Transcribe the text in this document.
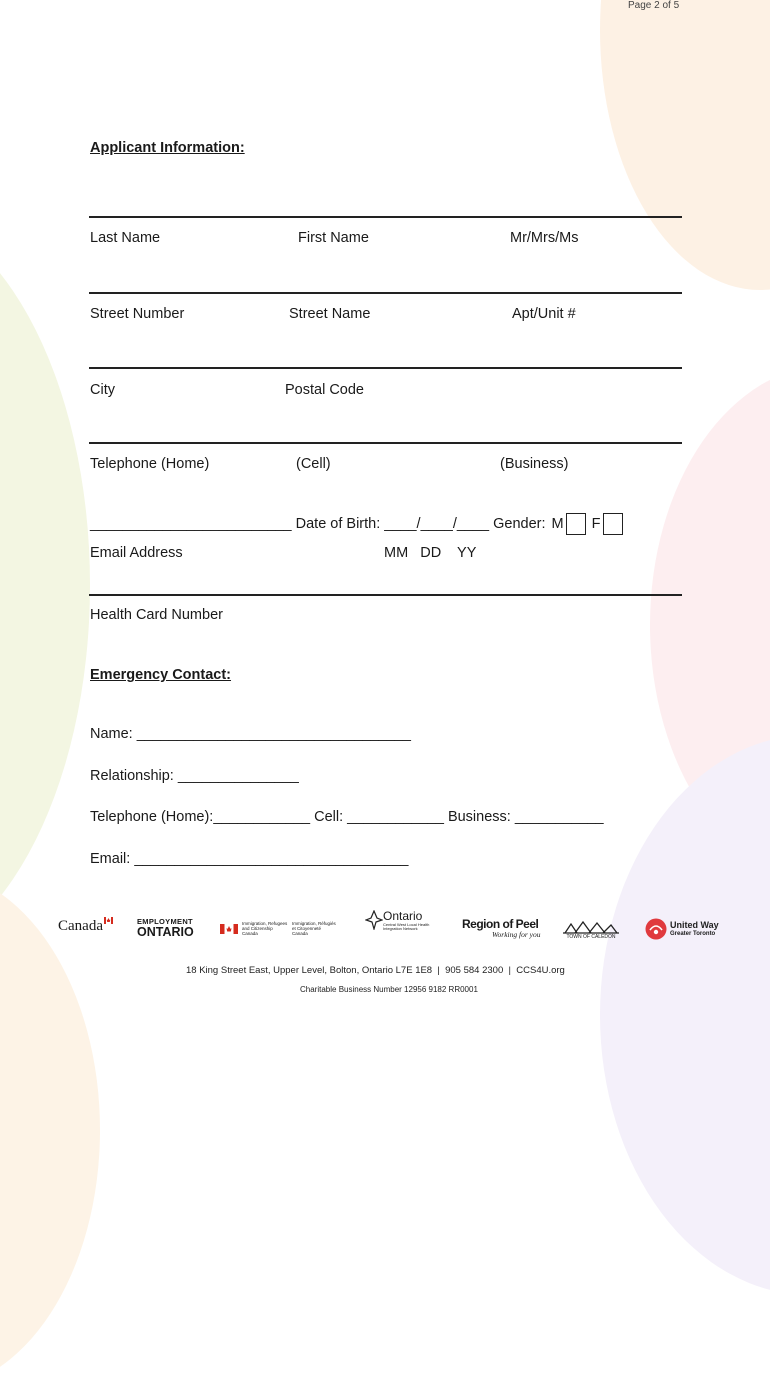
Page 2 of 5
Applicant Information:
Last Name	First Name	Mr/Mrs/Ms
Street Number	Street Name	Apt/Unit #
City	Postal Code
Telephone (Home)	(Cell)	(Business)
_________________________ Date of Birth: ____/____/____ Gender: M F
Email Address	MM   DD    YY
Health Card Number
Emergency Contact:
Name: __________________________________
Relationship: _______________
Telephone (Home):____________ Cell: ____________ Business: ___________
Email: __________________________________
Canada	EMPLOYMENT
ONTARIO
Immigration, Refugees and Citizenship Canada
Immigration, Réfugiés et Citoyenneté Canada
Ontario
Central West Local Health Integration Network	Region of Peel
Working for you	TOWN OF CALEDON
United Way
Greater Toronto
18 King Street East, Upper Level, Bolton, Ontario L7E 1E8  |  905 584 2300  |  CCS4U.org
Charitable Business Number 12956 9182 RR0001
